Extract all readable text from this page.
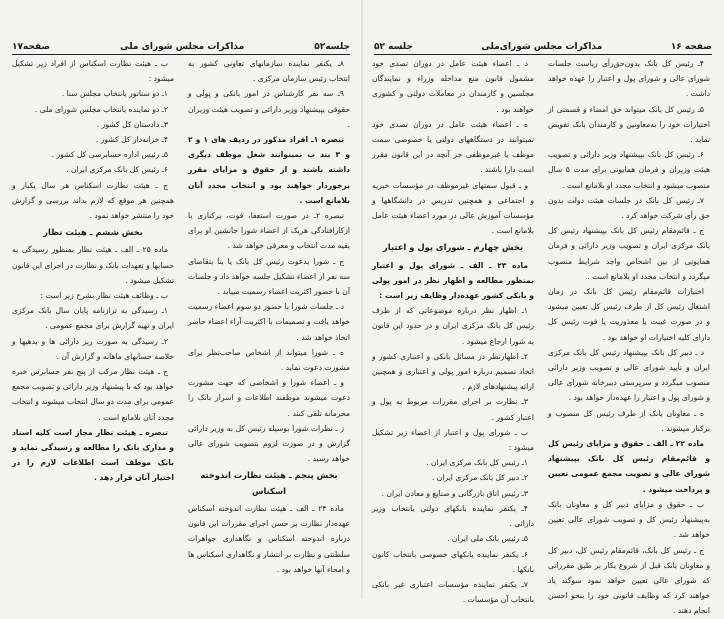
صفحه۱۷	مذاکرات مجلس شورای ملی	جلسه۵۲

۸ـ یکنفر نماینده سازمانهای تعاونی کشور به انتخاب رئیس سازمان مرکزی .

۹ـ سه نفر کارشناس در امور بانکی و پولی و حقوقی بپیشنهاد وزیر دارائی و تصویب هیئت وزیران .

تبصره ۱ـ افراد مذکور در ردیف های ۱ و ۲ و ۳ بند ب نمیتوانند شغل موظف دیگری داشته باشند و از حقوق و مزایای مقرر برخوردار خواهند بود و انتخاب مجدد آنان بلامانع است .

تبصره ۲ـ در صورت استعفا، فوت، برکناری یا ازکارافتادگی هریک از اعضاء شورا جانشین او برای بقیه مدت انتخاب و معرفی خواهد شد .

ج ـ شورا بدعوت رئیس کل بانک یا بنا بتقاضای سه نفر از اعضاء تشکیل جلسه خواهد داد و جلسات آن با حضور اکثریت اعضاء رسمیت مییابد .

د ـ جلسات شورا با حضور دو سوم اعضاء رسمیت خواهد یافت و تصمیمات با اکثریت آراء اعضاء حاضر اتخاذ خواهد شد .

ه ـ شورا میتواند از اشخاص صاحب‌نظر برای مشورت دعوت نماید .

و ـ اعضاء شورا و اشخاصی که جهت مشورت دعوت میشوند موظفند اطلاعات و اسرار بانک را محرمانه تلقی کنند .

ز ـ نظرات شورا بوسیله رئیس کل به وزیر دارائی گزارش و در صورت لزوم بتصویب شورای عالی خواهد رسید .

بخش پنجم ـ هیئت نظارت اندوخته اسکناس

ماده ۲۴ ـ الف ـ هیئت نظارت اندوخته اسکناس عهده‌دار نظارت بر حسن اجرای مقررات این قانون درباره اندوخته اسکناس و نگاهداری جواهرات سلطنتی و نظارت بر انتشار و نگاهداری اسکناس ها و امحاء آنها خواهد بود .

ب ـ هیئت نظارت اسکناس از افراد زیر تشکیل میشود :

۱ـ دو سناتور بانتخاب مجلس سنا .

۲ـ دو نماینده بانتخاب مجلس شورای ملی .

۳ـ دادستان کل کشور .

۴ـ خزانه‌دار کل کشور .

۵ـ رئیس اداره حسابرسی کل کشور .

۶ـ رئیس کل بانک مرکزی ایران .

ج ـ هیئت نظارت اسکناس هر سال یکبار و همچنین هر موقع که لازم بداند بررسی و گزارش خود را منتشر خواهد نمود .

بخش ششم ـ هیئت نظار

ماده ۲۵ ـ الف ـ هیئت نظار بمنظور رسیدگی به حسابها و تعهدات بانک و نظارت در اجرای این قانون تشکیل میشود .

ب ـ وظائف هیئت نظار بشرح زیر است :

۱ـ رسیدگی به ترازنامه پایان سال بانک مرکزی ایران و تهیه گزارش برای مجمع عمومی .

۲ـ رسیدگی به صورت ریز دارائی ها و بدهیها و خلاصه حسابهای ماهانه و گزارش آن .

ج ـ هیئت نظار مرکب از پنج نفر حسابرس خبره خواهد بود که با پیشنهاد وزیر دارائی و تصویب مجمع عمومی برای مدت دو سال انتخاب میشوند و انتخاب مجدد آنان بلامانع است .

تبصره ـ هیئت نظار مجاز است کلیه اسناد و مدارک بانک را مطالعه و رسیدگی نماید و بانک موظف است اطلاعات لازم را در اختیار آنان قرار دهد .

جلسه ۵۲	مذاکرات مجلس شورای‌ملی	صفحه ۱۶

۴ـ رئیس کل بانک بدون‌حق‌رأی ریاست جلسات شورای عالی و شورای پول و اعتبار را عهده خواهد داشت .

۵ـ رئیس کل بانک میتواند حق امضاء و قسمتی از اختیارات خود را به‌معاونین و کارمندان بانک تفویض نماید .

۶ـ رئیس کل بانک بپیشنهاد وزیر دارائی و تصویب هیئت وزیران و فرمان همایونی برای مدت ۵ سال منصوب میشود و انتخاب مجدد او بلامانع است .

۷ـ رئیس کل بانک در جلسات هیئت دولت بدون حق رأی شرکت خواهد کرد .

ج ـ قائم‌مقام رئیس کل بانک بپیشنهاد رئیس کل بانک مرکزی ایران و تصویب وزیر دارائی و فرمان همایونی از بین اشخاص واجد شرایط منصوب میگردد و انتخاب مجدد او بلامانع است .

اختیارات قائم‌مقام رئیس کل بانک در زمان اشتغال رئیس کل از طرف رئیس کل تعیین میشود و در صورت غیبت یا معذوریت یا فوت رئیس کل دارای کلیه اختیارات او خواهد بود .

د ـ دبیر کل بانک بپیشنهاد رئیس کل بانک مرکزی ایران و تأیید شورای عالی و تصویب وزیر دارائی منصوب میگردد و سرپرستی دبیرخانه شورای عالی و شورای پول و اعتبار را عهده‌دار خواهد بود .

ه ـ معاونان بانک از طرف رئیس کل منصوب و برکنار میشوند .

ماده ۲۲ ـ الف ـ حقوق و مزایای رئیس کل و قائم‌مقام رئیس کل بانک بپیشنهاد شورای عالی و تصویب مجمع عمومی تعیین و پرداخت میشود .

ب ـ حقوق و مزایای دبیر کل و معاونان بانک به‌پیشنهاد رئیس کل و تصویب شورای عالی تعیین خواهد شد .

ج ـ رئیس کل بانک، قائم‌مقام رئیس کل، دبیر کل و معاونان بانک قبل از شروع بکار بر طبق مقرراتی که شورای عالی تعیین خواهد نمود سوگند یاد خواهند کرد که وظایف قانونی خود را بنحو احسن انجام دهند .

د ـ اعضاء هیئت عامل در دوران تصدی خود مشمول قانون منع مداخله وزراء و نمایندگان مجلسین و کارمندان در معاملات دولتی و کشوری خواهند بود .

ه ـ اعضاء هیئت عامل در دوران تصدی خود نمیتوانند در دستگاههای دولتی یا خصوصی سمت موظف یا غیرموظفی جز آنچه در این قانون مقرر است دارا باشند .

و ـ قبول سمتهای غیرموظف در مؤسسات خیریه و اجتماعی و همچنین تدریس در دانشگاهها و مؤسسات آموزش عالی در مورد اعضاء هیئت عامل بلامانع است .

بخش چهارم ـ شورای پول و اعتبار

ماده ۲۳ ـ الف ـ شورای پول و اعتبار بمنظور مطالعه و اظهار نظر در امور پولی و بانکی کشور عهده‌دار وظایف زیر است :

۱ـ اظهار نظر درباره موضوعاتی که از طرف رئیس کل بانک مرکزی ایران و در حدود این قانون به شورا ارجاع میشود .

۲ـ اظهارنظر در مسائل بانکی و اعتباری کشور و اتخاذ تصمیم درباره امور پولی و اعتباری و همچنین ارائه پیشنهادهای لازم .

۳ـ نظارت بر اجرای مقررات مربوط به پول و اعتبار کشور .

ب ـ شورای پول و اعتبار از اعضاء زیر تشکیل میشود :

۱ـ رئیس کل بانک مرکزی ایران .

۲ـ دبیر کل بانک مرکزی ایران .

۳ـ رئیس اتاق بازرگانی و صنایع و معادن ایران .

۴ـ یکنفر نماینده بانکهای دولتی بانتخاب وزیر دارائی .

۵ـ رئیس بانک ملی ایران .

۶ـ یکنفر نماینده بانکهای خصوصی بانتخاب کانون بانکها .

۷ـ یکنفر نماینده مؤسسات اعتباری غیر بانکی بانتخاب آن مؤسسات .
